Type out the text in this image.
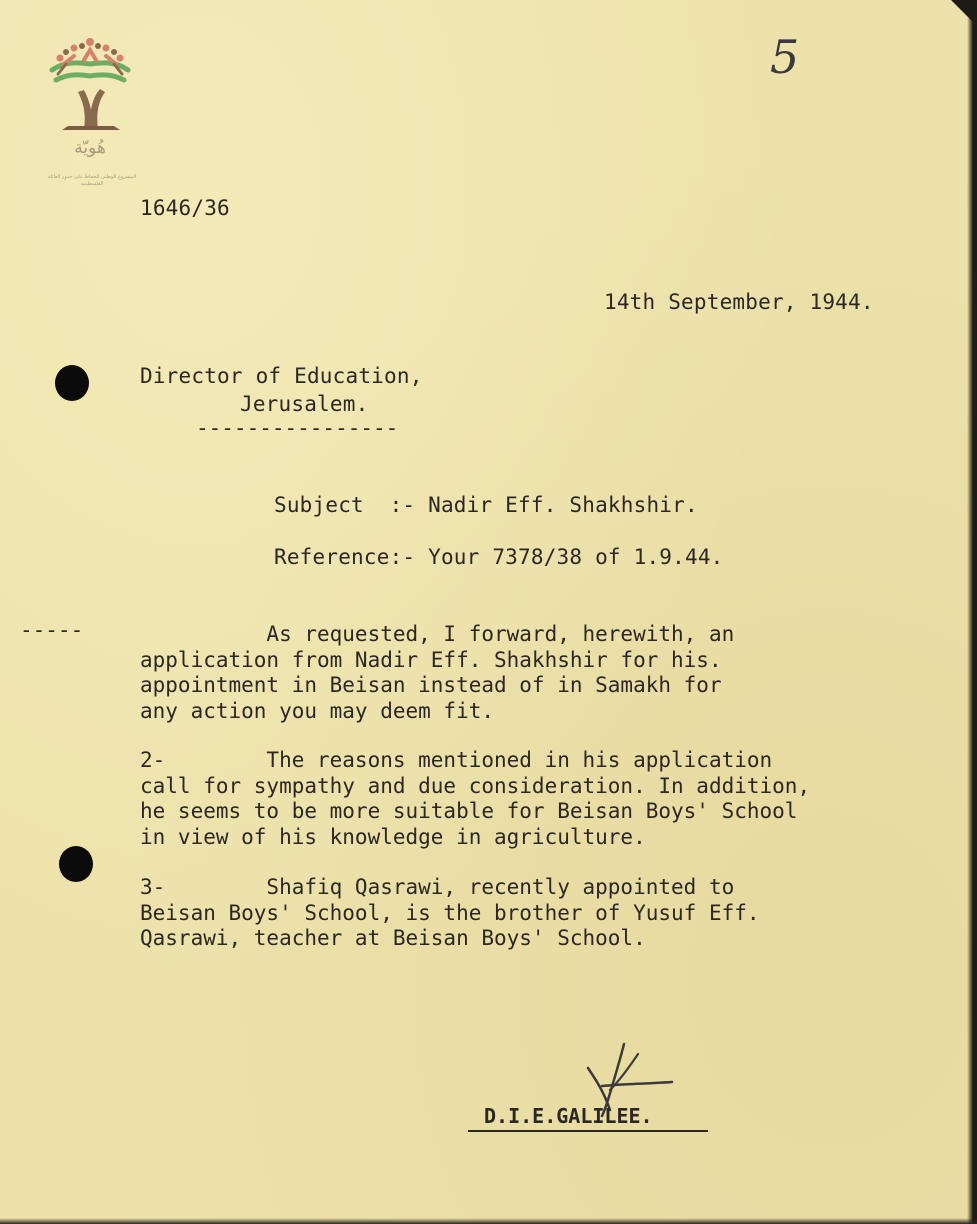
هُويّة
المشروع الوطني للحفاظ على جذور العائلة الفلسطينية
5
1646/36
14th September, 1944.
Director of Education,
Jerusalem.
----------------
Subject  :- Nadir Eff. Shakhshir.
Reference:- Your 7378/38 of 1.9.44.
-----	As requested, I forward, herewith, an
application from Nadir Eff. Shakhshir for his.
appointment in Beisan instead of in Samakh for
any action you may deem fit.
2-        The reasons mentioned in his application
call for sympathy and due consideration. In addition,
he seems to be more suitable for Beisan Boys' School
in view of his knowledge in agriculture.
3-        Shafiq Qasrawi, recently appointed to
Beisan Boys' School, is the brother of Yusuf Eff.
Qasrawi, teacher at Beisan Boys' School.
D.I.E.GALILEE.
